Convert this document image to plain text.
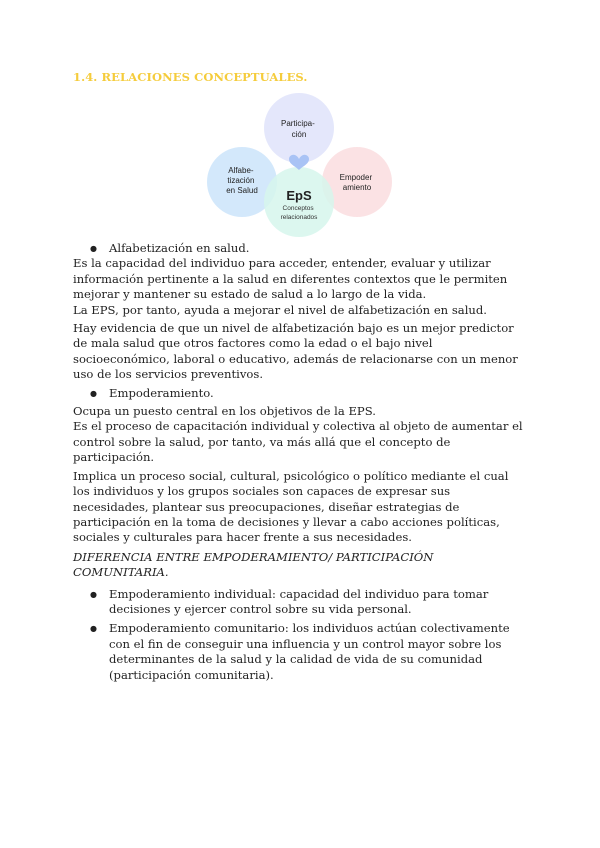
1.4. RELACIONES CONCEPTUALES.
Participa- ción
Alfabe- tización en Salud
Empoder amiento
EpS
Conceptos relacionados

● Alfabetización en salud.

Es la capacidad del individuo para acceder, entender, evaluar y utilizar información pertinente a la salud en diferentes contextos que le permiten mejorar y mantener su estado de salud a lo largo de la vida.

La EPS, por tanto, ayuda a mejorar el nivel de alfabetización en salud.

Hay evidencia de que un nivel de alfabetización bajo es un mejor predictor de mala salud que otros factores como la edad o el bajo nivel socioeconómico, laboral o educativo, además de relacionarse con un menor uso de los servicios preventivos.

● Empoderamiento.

Ocupa un puesto central en los objetivos de la EPS.

Es el proceso de capacitación individual y colectiva al objeto de aumentar el control sobre la salud, por tanto, va más allá que el concepto de participación.

Implica un proceso social, cultural, psicológico o político mediante el cual los individuos y los grupos sociales son capaces de expresar sus necesidades, plantear sus preocupaciones, diseñar estrategias de participación en la toma de decisiones y llevar a cabo acciones políticas, sociales y culturales para hacer frente a sus necesidades.

DIFERENCIA ENTRE EMPODERAMIENTO/ PARTICIPACIÓN COMUNITARIA.

● Empoderamiento individual: capacidad del individuo para tomar decisiones y ejercer control sobre su vida personal.

● Empoderamiento comunitario: los individuos actúan colectivamente con el fin de conseguir una influencia y un control mayor sobre los determinantes de la salud y la calidad de vida de su comunidad (participación comunitaria).
